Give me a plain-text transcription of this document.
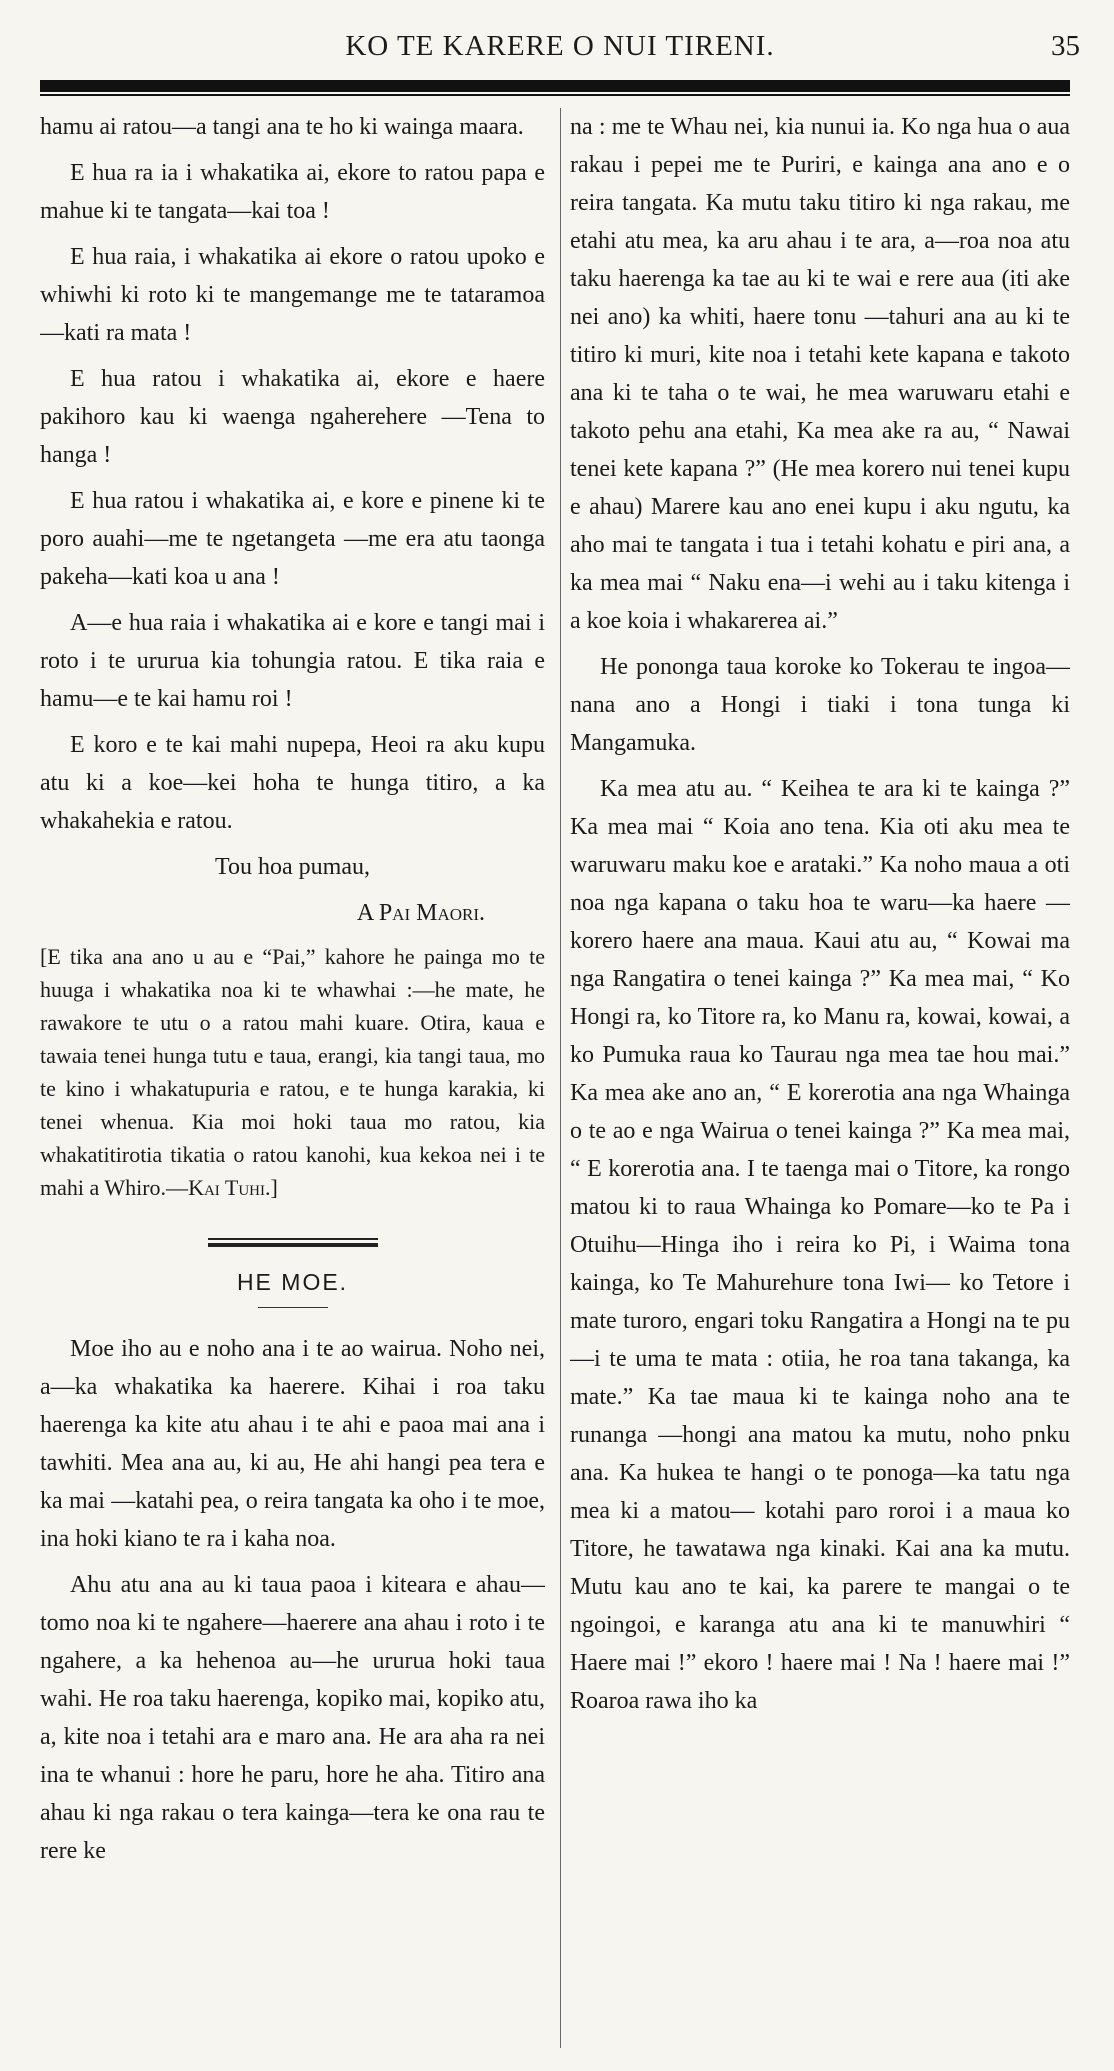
KO TE KARERE O NUI TIRENI.	35

hamu ai ratou—a tangi ana te ho ki wainga maara.

E hua ra ia i whakatika ai, ekore to ratou papa e mahue ki te tangata—kai toa !

E hua raia, i whakatika ai ekore o ratou upoko e whiwhi ki roto ki te mangemange me te tataramoa—kati ra mata !

E hua ratou i whakatika ai, ekore e haere pakihoro kau ki waenga ngaherehere —Tena to hanga !

E hua ratou i whakatika ai, e kore e pinene ki te poro auahi—me te ngetangeta —me era atu taonga pakeha—kati koa u ana !

A—e hua raia i whakatika ai e kore e tangi mai i roto i te ururua kia tohungia ratou. E tika raia e hamu—e te kai hamu roi !

E koro e te kai mahi nupepa, Heoi ra aku kupu atu ki a koe—kei hoha te hunga titiro, a ka whakahekia e ratou.

Tou hoa pumau,

A Pai Maori.

[E tika ana ano u au e “Pai,” kahore he painga mo te huuga i whakatika noa ki te whawhai :—he mate, he rawakore te utu o a ratou mahi kuare. Otira, kaua e tawaia tenei hunga tutu e taua, erangi, kia tangi taua, mo te kino i whakatupuria e ratou, e te hunga karakia, ki tenei whenua. Kia moi hoki taua mo ratou, kia whakatitirotia tikatia o ratou kanohi, kua kekoa nei i te mahi a Whiro.—Kai Tuhi.]

HE MOE.

Moe iho au e noho ana i te ao wairua. Noho nei, a—ka whakatika ka haerere. Kihai i roa taku haerenga ka kite atu ahau i te ahi e paoa mai ana i tawhiti. Mea ana au, ki au, He ahi hangi pea tera e ka mai —katahi pea, o reira tangata ka oho i te moe, ina hoki kiano te ra i kaha noa.

Ahu atu ana au ki taua paoa i kiteara e ahau—tomo noa ki te ngahere—haerere ana ahau i roto i te ngahere, a ka hehenoa au—he ururua hoki taua wahi. He roa taku haerenga, kopiko mai, kopiko atu, a, kite noa i tetahi ara e maro ana. He ara aha ra nei ina te whanui : hore he paru, hore he aha. Titiro ana ahau ki nga rakau o tera kainga—tera ke ona rau te rere ke

na : me te Whau nei, kia nunui ia. Ko nga hua o aua rakau i pepei me te Puriri, e kainga ana ano e o reira tangata. Ka mutu taku titiro ki nga rakau, me etahi atu mea, ka aru ahau i te ara, a—roa noa atu taku haerenga ka tae au ki te wai e rere aua (iti ake nei ano) ka whiti, haere tonu —tahuri ana au ki te titiro ki muri, kite noa i tetahi kete kapana e takoto ana ki te taha o te wai, he mea waruwaru etahi e takoto pehu ana etahi, Ka mea ake ra au, “ Nawai tenei kete kapana ?” (He mea korero nui tenei kupu e ahau) Marere kau ano enei kupu i aku ngutu, ka aho mai te tangata i tua i tetahi kohatu e piri ana, a ka mea mai “ Naku ena—i wehi au i taku kitenga i a koe koia i whakarerea ai.”

He pononga taua koroke ko Tokerau te ingoa—nana ano a Hongi i tiaki i tona tunga ki Mangamuka.

Ka mea atu au. “ Keihea te ara ki te kainga ?” Ka mea mai “ Koia ano tena. Kia oti aku mea te waruwaru maku koe e arataki.” Ka noho maua a oti noa nga kapana o taku hoa te waru—ka haere —korero haere ana maua. Kaui atu au, “ Kowai ma nga Rangatira o tenei kainga ?” Ka mea mai, “ Ko Hongi ra, ko Titore ra, ko Manu ra, kowai, kowai, a ko Pumuka raua ko Taurau nga mea tae hou mai.” Ka mea ake ano an, “ E korerotia ana nga Whainga o te ao e nga Wairua o tenei kainga ?” Ka mea mai, “ E korerotia ana. I te taenga mai o Titore, ka rongo matou ki to raua Whainga ko Pomare—ko te Pa i Otuihu—Hinga iho i reira ko Pi, i Waima tona kainga, ko Te Mahurehure tona Iwi— ko Tetore i mate turoro, engari toku Rangatira a Hongi na te pu—i te uma te mata : otiia, he roa tana takanga, ka mate.” Ka tae maua ki te kainga noho ana te runanga —hongi ana matou ka mutu, noho pnku ana. Ka hukea te hangi o te ponoga—ka tatu nga mea ki a matou— kotahi paro roroi i a maua ko Titore, he tawatawa nga kinaki. Kai ana ka mutu. Mutu kau ano te kai, ka parere te mangai o te ngoingoi, e karanga atu ana ki te manuwhiri “ Haere mai !” ekoro ! haere mai ! Na ! haere mai !” Roaroa rawa iho ka
